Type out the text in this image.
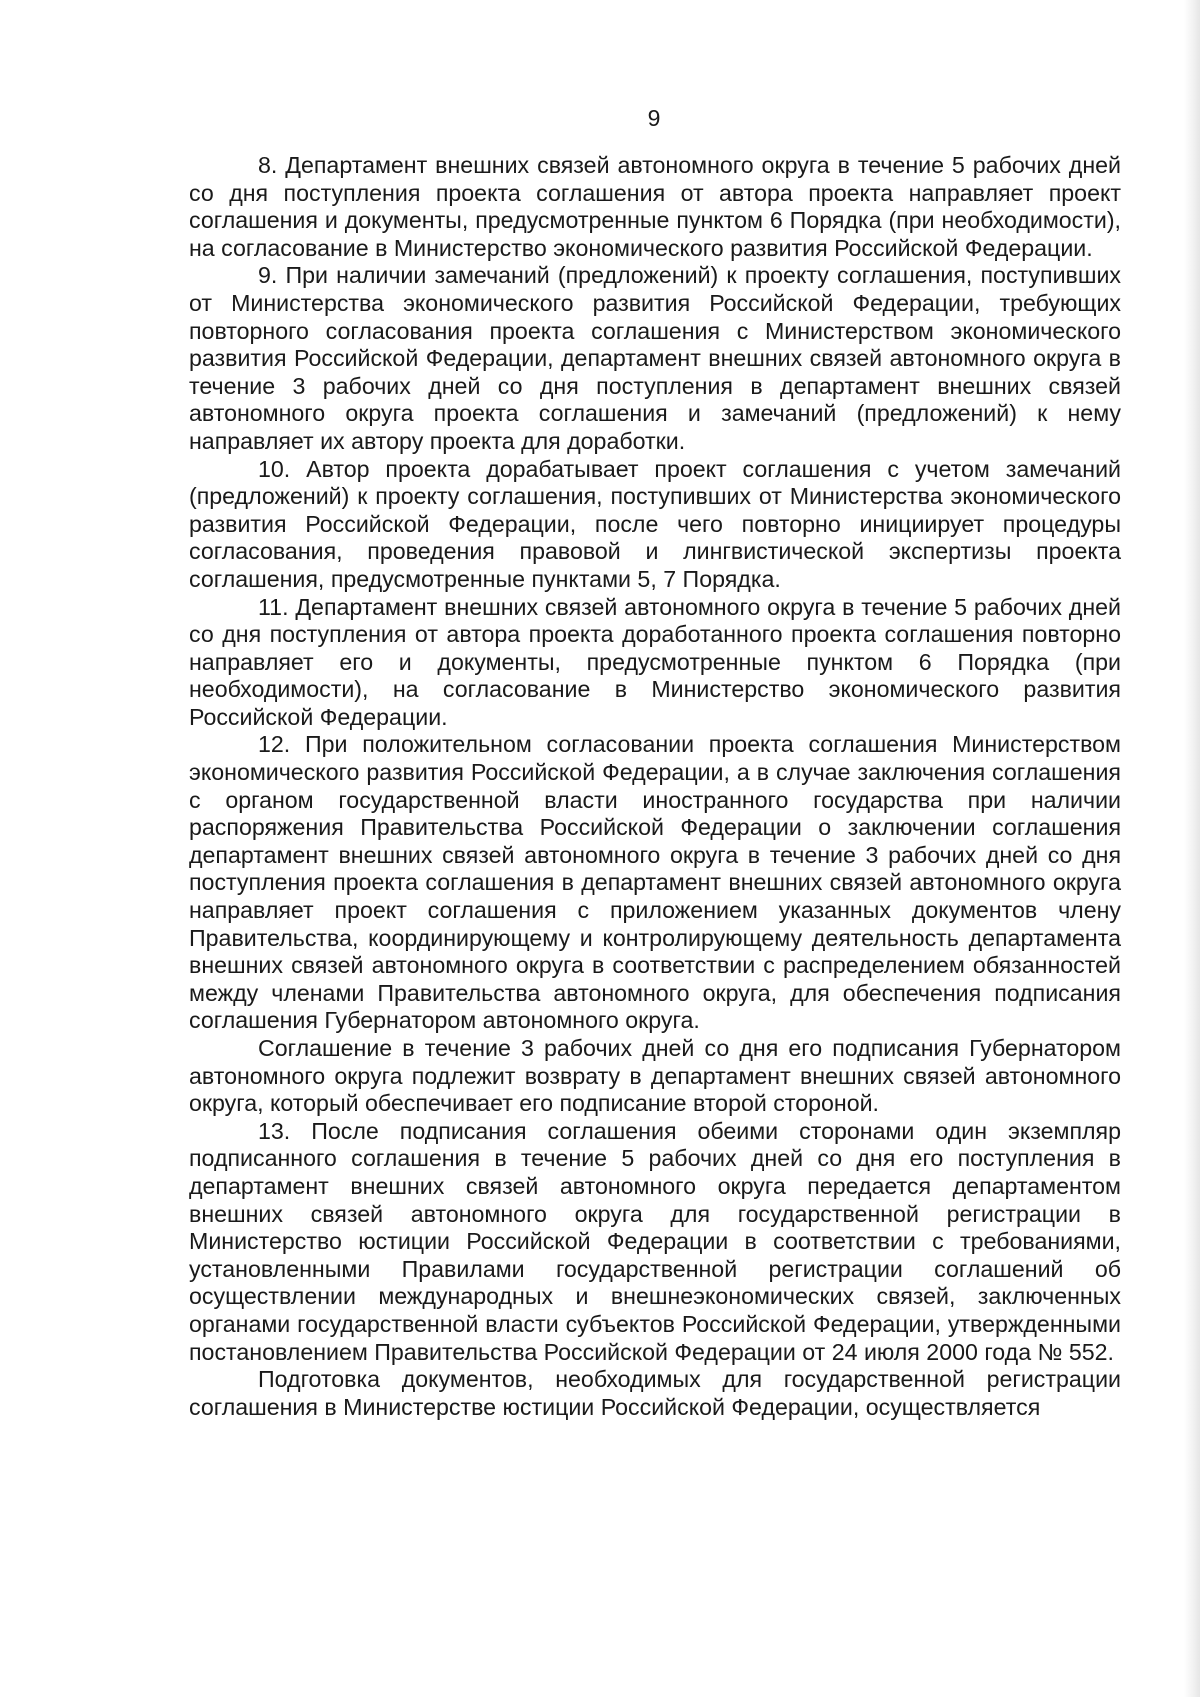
9

8. Департамент внешних связей автономного округа в течение 5 рабочих дней со дня поступления проекта соглашения от автора проекта направляет проект соглашения и документы, предусмотренные пунктом 6 Порядка (при необходимости), на согласование в Министерство экономического развития Российской Федерации.

9. При наличии замечаний (предложений) к проекту соглашения, поступивших от Министерства экономического развития Российской Федерации, требующих повторного согласования проекта соглашения с Министерством экономического развития Российской Федерации, департамент внешних связей автономного округа в течение 3 рабочих дней со дня поступления в департамент внешних связей автономного округа проекта соглашения и замечаний (предложений) к нему направляет их автору проекта для доработки.

10. Автор проекта дорабатывает проект соглашения с учетом замечаний (предложений) к проекту соглашения, поступивших от Министерства экономического развития Российской Федерации, после чего повторно инициирует процедуры согласования, проведения правовой и лингвистической экспертизы проекта соглашения, предусмотренные пунктами 5, 7 Порядка.

11. Департамент внешних связей автономного округа в течение 5 рабочих дней со дня поступления от автора проекта доработанного проекта соглашения повторно направляет его и документы, предусмотренные пунктом 6 Порядка (при необходимости), на согласование в Министерство экономического развития Российской Федерации.

12. При положительном согласовании проекта соглашения Министерством экономического развития Российской Федерации, а в случае заключения соглашения с органом государственной власти иностранного государства при наличии распоряжения Правительства Российской Федерации о заключении соглашения департамент внешних связей автономного округа в течение 3 рабочих дней со дня поступления проекта соглашения в департамент внешних связей автономного округа направляет проект соглашения с приложением указанных документов члену Правительства, координирующему и контролирующему деятельность департамента внешних связей автономного округа в соответствии с распределением обязанностей между членами Правительства автономного округа, для обеспечения подписания соглашения Губернатором автономного округа.

Соглашение в течение 3 рабочих дней со дня его подписания Губернатором автономного округа подлежит возврату в департамент внешних связей автономного округа, который обеспечивает его подписание второй стороной.

13. После подписания соглашения обеими сторонами один экземпляр подписанного соглашения в течение 5 рабочих дней со дня его поступления в департамент внешних связей автономного округа передается департаментом внешних связей автономного округа для государственной регистрации в Министерство юстиции Российской Федерации в соответствии с требованиями, установленными Правилами государственной регистрации соглашений об осуществлении международных и внешнеэкономических связей, заключенных органами государственной власти субъектов Российской Федерации, утвержденными постановлением Правительства Российской Федерации от 24 июля 2000 года № 552.

Подготовка документов, необходимых для государственной регистрации соглашения в Министерстве юстиции Российской Федерации, осуществляется
